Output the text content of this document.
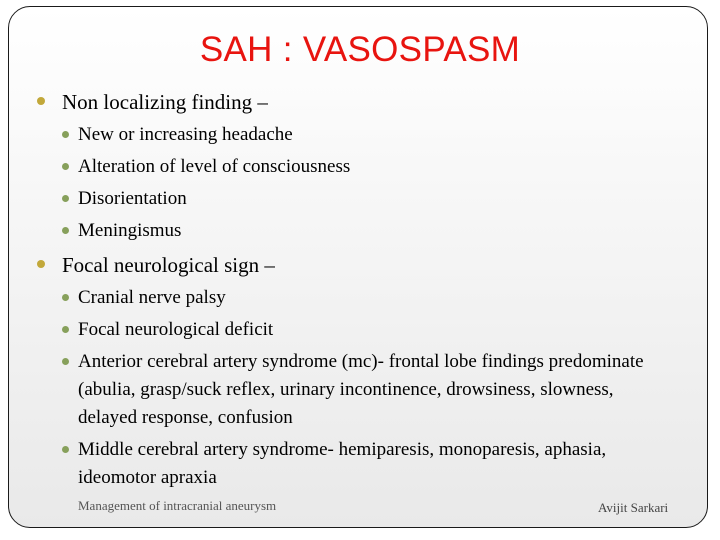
SAH : VASOSPASM
Non localizing finding –
New or increasing headache
Alteration of level of consciousness
Disorientation
Meningismus
Focal neurological sign –
Cranial nerve palsy
Focal neurological deficit
Anterior cerebral artery syndrome (mc)- frontal lobe findings predominate (abulia, grasp/suck reflex, urinary incontinence, drowsiness, slowness, delayed response, confusion
Middle cerebral artery syndrome- hemiparesis, monoparesis, aphasia, ideomotor apraxia
Management of intracranial aneurysm	Avijit Sarkari
